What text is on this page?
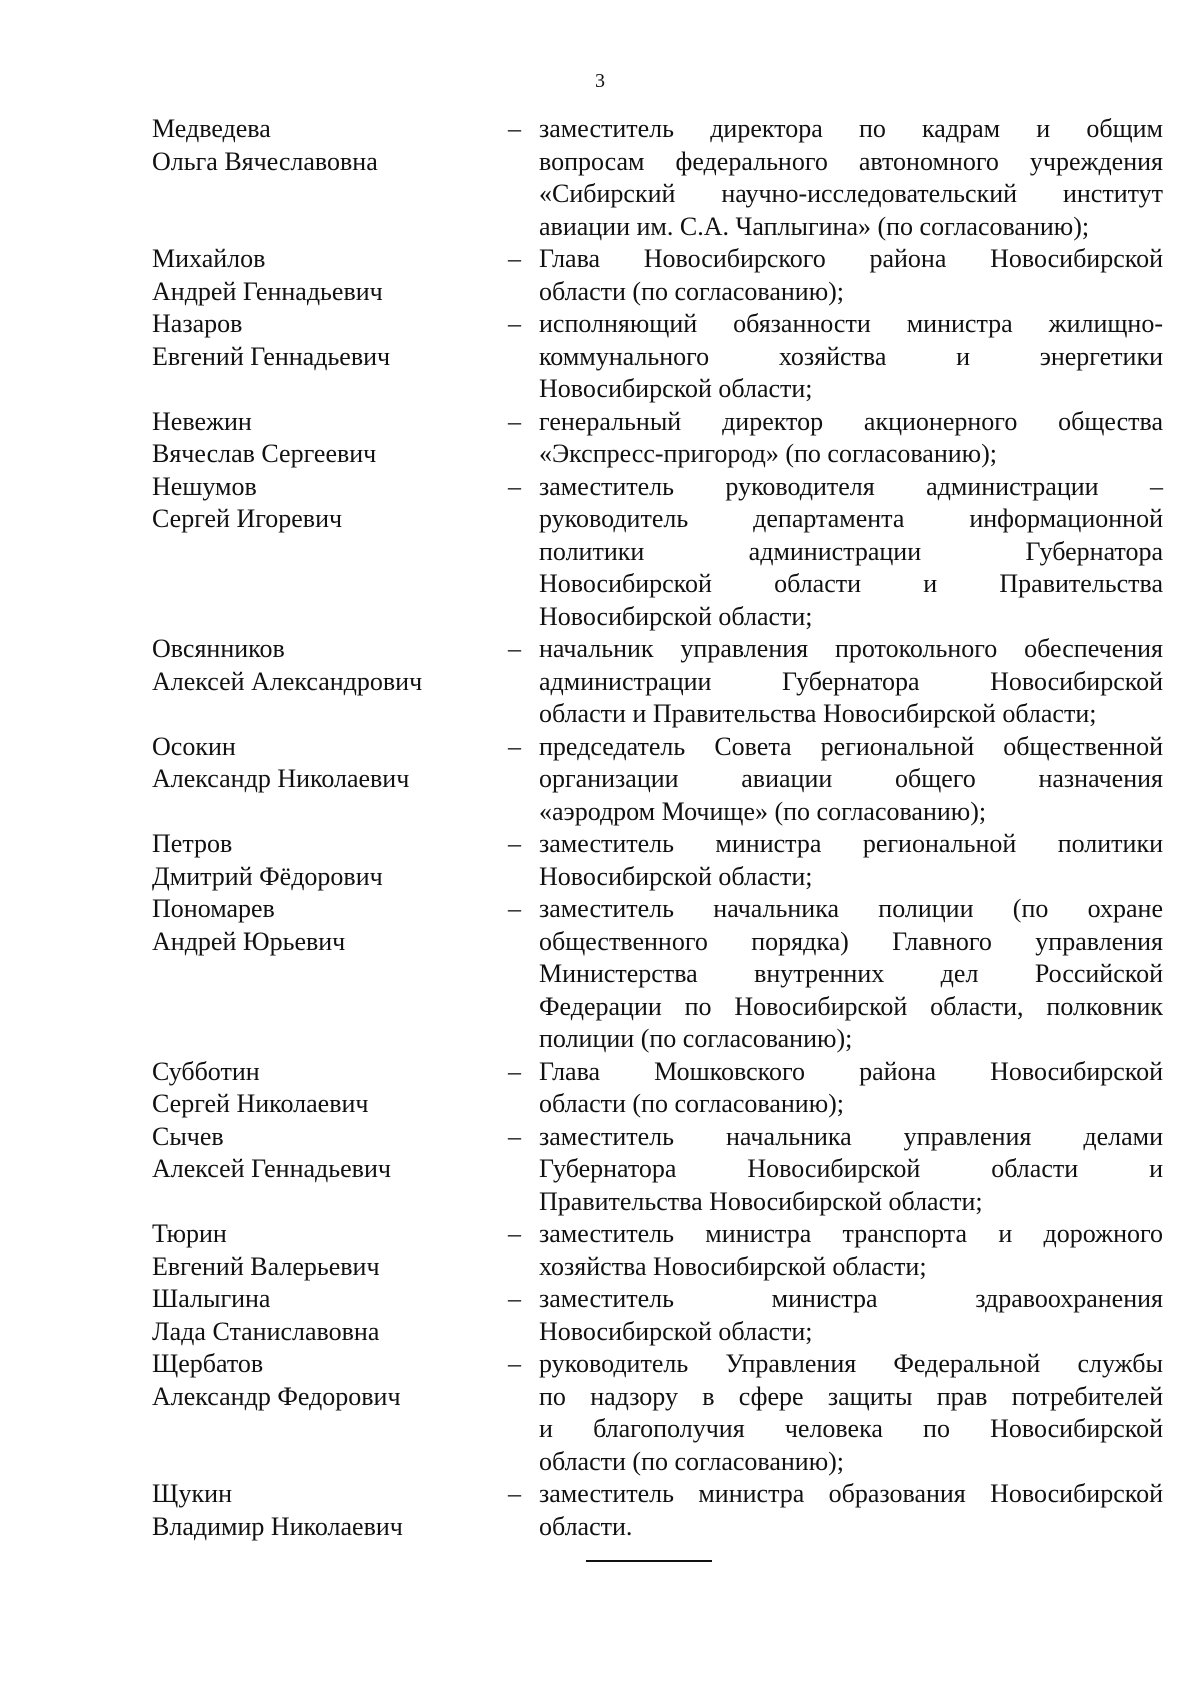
3
Медведева
Ольга Вячеславовна
– заместитель директора по кадрам и общим
вопросам федерального автономного учреждения
«Сибирский научно-исследовательский институт
авиации им. С.А. Чаплыгина» (по согласованию);
Михайлов
Андрей Геннадьевич
– Глава Новосибирского района Новосибирской
области (по согласованию);
Назаров
Евгений Геннадьевич
– исполняющий обязанности министра жилищно-
коммунального хозяйства и энергетики
Новосибирской области;
Невежин
Вячеслав Сергеевич
– генеральный директор акционерного общества
«Экспресс-пригород» (по согласованию);
Нешумов
Сергей Игоревич
– заместитель руководителя администрации –
руководитель департамента информационной
политики администрации Губернатора
Новосибирской области и Правительства
Новосибирской области;
Овсянников
Алексей Александрович
– начальник управления протокольного обеспечения
администрации Губернатора Новосибирской
области и Правительства Новосибирской области;
Осокин
Александр Николаевич
– председатель Совета региональной общественной
организации авиации общего назначения
«аэродром Мочище» (по согласованию);
Петров
Дмитрий Фёдорович
– заместитель министра региональной политики
Новосибирской области;
Пономарев
Андрей Юрьевич
– заместитель начальника полиции (по охране
общественного порядка) Главного управления
Министерства внутренних дел Российской
Федерации по Новосибирской области, полковник
полиции (по согласованию);
Субботин
Сергей Николаевич
– Глава Мошковского района Новосибирской
области (по согласованию);
Сычев
Алексей Геннадьевич
– заместитель начальника управления делами
Губернатора Новосибирской области и
Правительства Новосибирской области;
Тюрин
Евгений Валерьевич
– заместитель министра транспорта и дорожного
хозяйства Новосибирской области;
Шалыгина
Лада Станиславовна
– заместитель министра здравоохранения
Новосибирской области;
Щербатов
Александр Федорович
– руководитель Управления Федеральной службы
по надзору в сфере защиты прав потребителей
и благополучия человека по Новосибирской
области (по согласованию);
Щукин
Владимир Николаевич
– заместитель министра образования Новосибирской
области.
